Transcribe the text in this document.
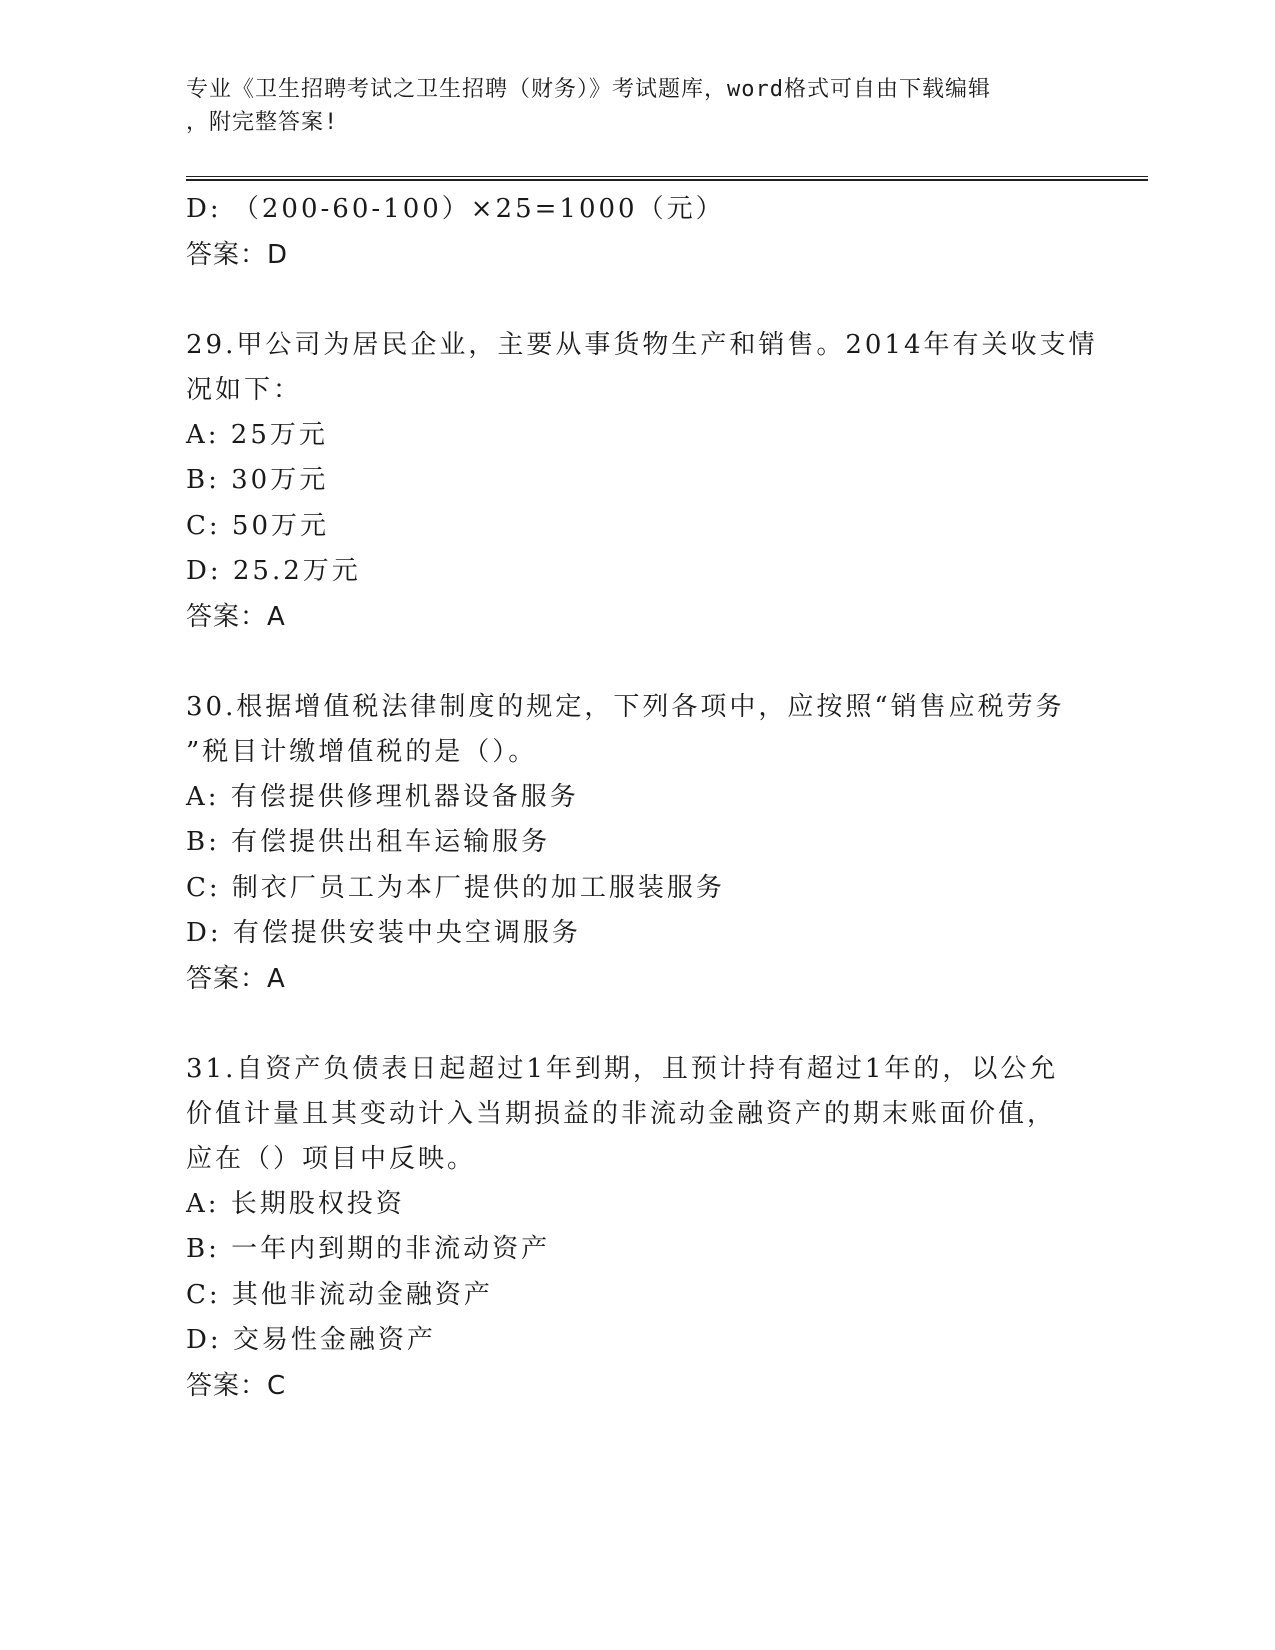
专业《卫生招聘考试之卫生招聘（财务）》考试题库，word格式可自由下载编辑
，附完整答案!
D: （200-60-100）×25=1000（元）
答案：D
29.甲公司为居民企业，主要从事货物生产和销售。2014年有关收支情
况如下：
A: 25万元
B: 30万元
C: 50万元
D: 25.2万元
答案：A
30.根据增值税法律制度的规定，下列各项中，应按照“销售应税劳务
”税目计缴增值税的是（）。
A: 有偿提供修理机器设备服务
B: 有偿提供出租车运输服务
C: 制衣厂员工为本厂提供的加工服装服务
D: 有偿提供安装中央空调服务
答案：A
31.自资产负债表日起超过1年到期，且预计持有超过1年的，以公允
价值计量且其变动计入当期损益的非流动金融资产的期末账面价值，
应在（）项目中反映。
A: 长期股权投资
B: 一年内到期的非流动资产
C: 其他非流动金融资产
D: 交易性金融资产
答案：C
